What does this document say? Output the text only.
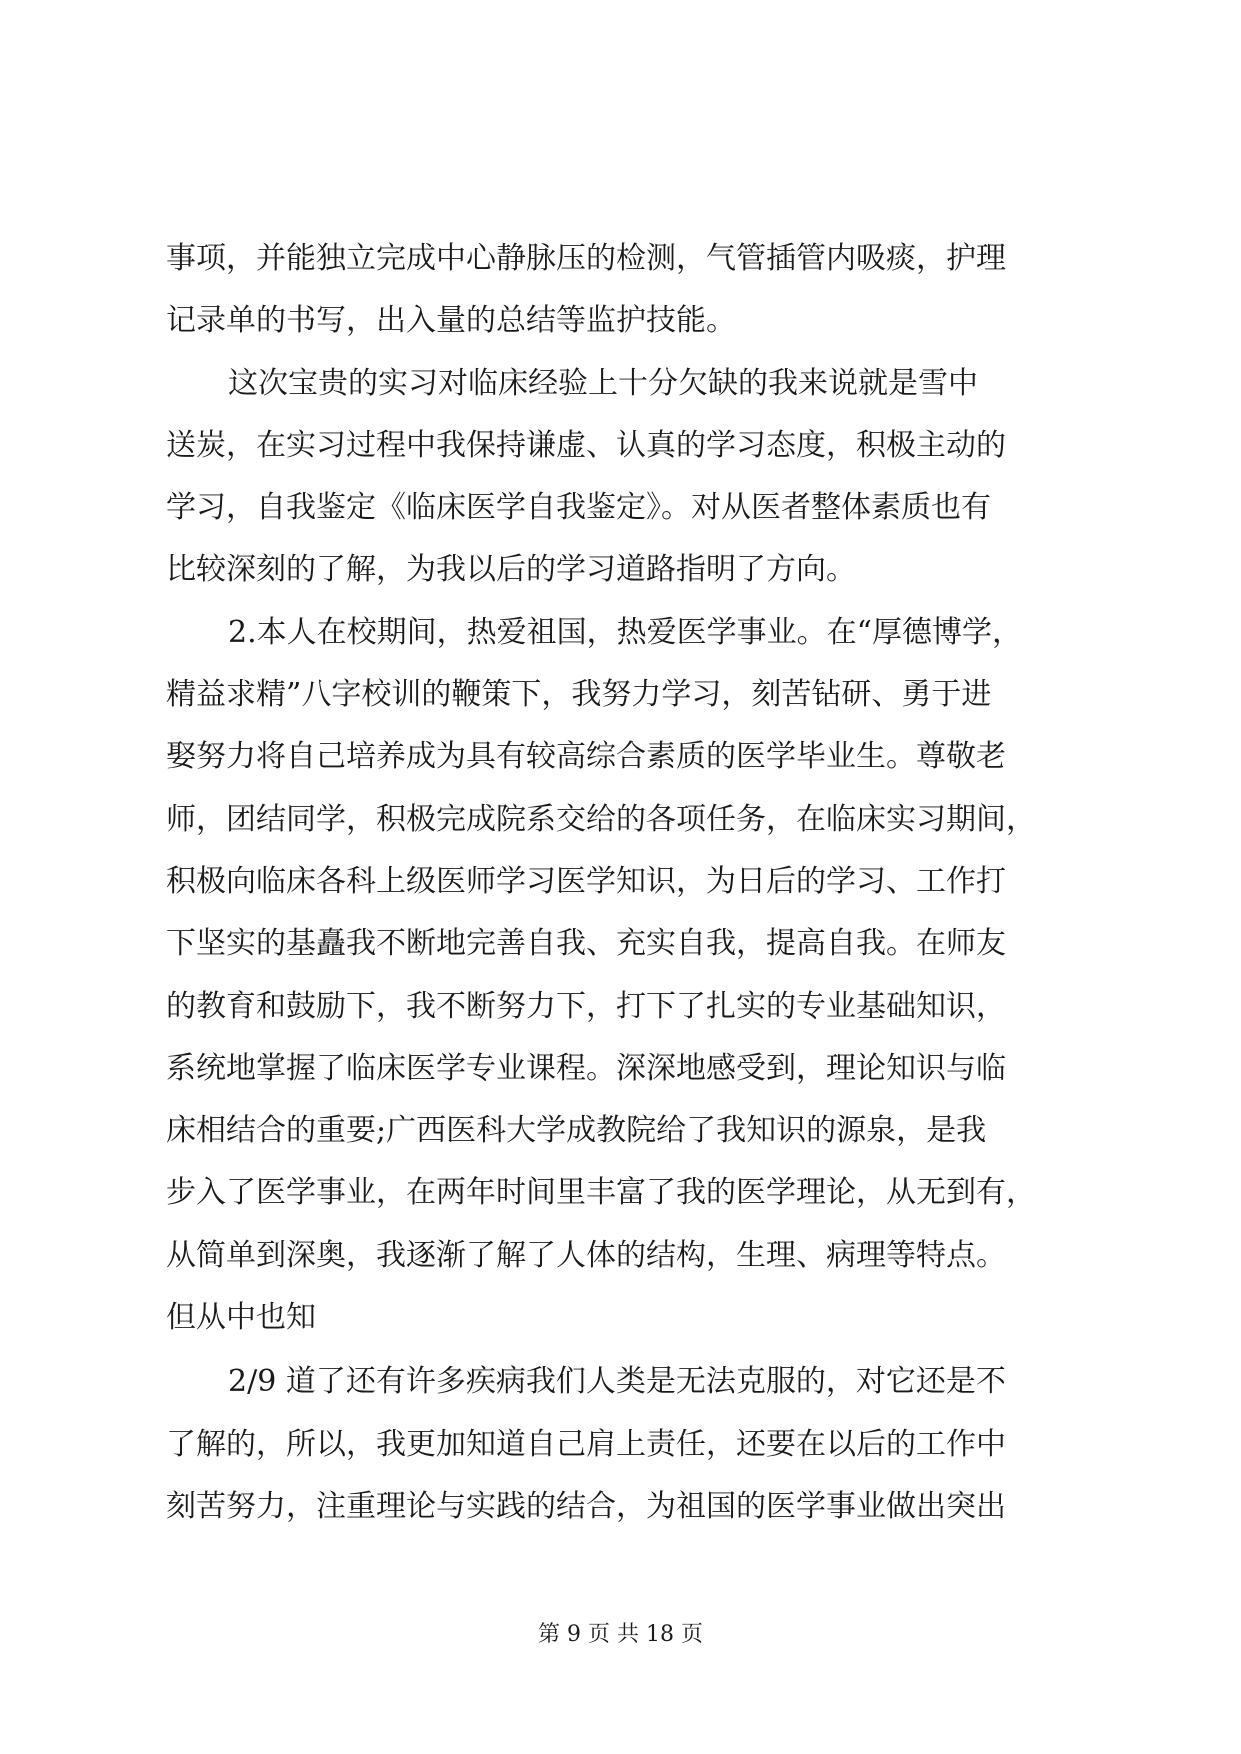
事项，并能独立完成中心静脉压的检测，气管插管内吸痰，护理
记录单的书写，出入量的总结等监护技能。
这次宝贵的实习对临床经验上十分欠缺的我来说就是雪中
送炭，在实习过程中我保持谦虚、认真的学习态度，积极主动的
学习，自我鉴定《临床医学自我鉴定》。对从医者整体素质也有
比较深刻的了解，为我以后的学习道路指明了方向。
2.本人在校期间，热爱祖国，热爱医学事业。在“厚德博学，
精益求精”八字校训的鞭策下，我努力学习，刻苦钻研、勇于进
娶努力将自己培养成为具有较高综合素质的医学毕业生。尊敬老
师，团结同学，积极完成院系交给的各项任务，在临床实习期间，
积极向临床各科上级医师学习医学知识，为日后的学习、工作打
下坚实的基矗我不断地完善自我、充实自我，提高自我。在师友
的教育和鼓励下，我不断努力下，打下了扎实的专业基础知识，
系统地掌握了临床医学专业课程。深深地感受到，理论知识与临
床相结合的重要;广西医科大学成教院给了我知识的源泉，是我
步入了医学事业，在两年时间里丰富了我的医学理论，从无到有，
从简单到深奥，我逐渐了解了人体的结构，生理、病理等特点。
但从中也知
2/9 道了还有许多疾病我们人类是无法克服的，对它还是不
了解的，所以，我更加知道自己肩上责任，还要在以后的工作中
刻苦努力，注重理论与实践的结合，为祖国的医学事业做出突出
第 9 页 共 18 页
